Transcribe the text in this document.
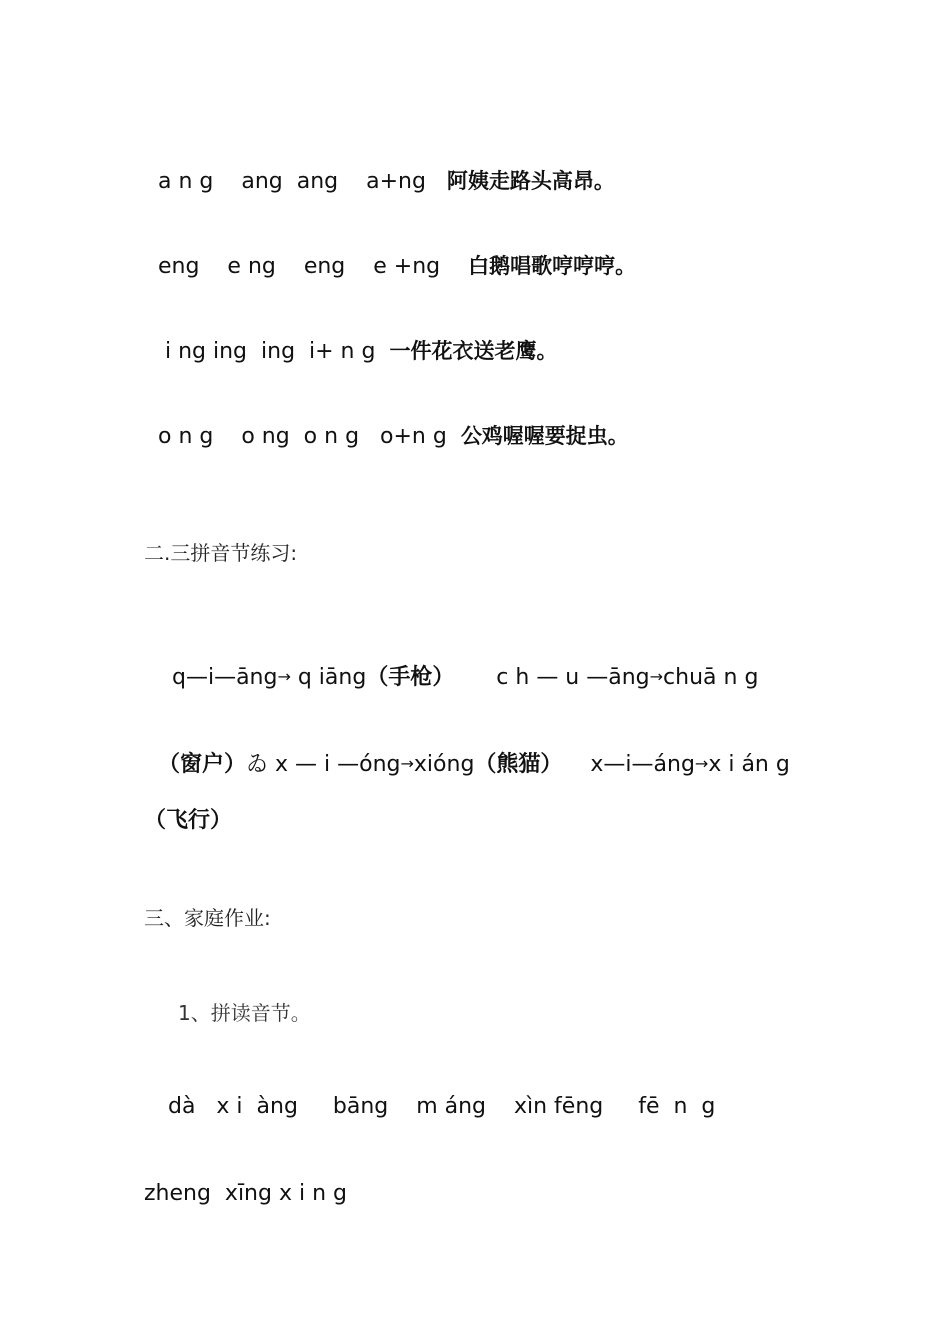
a n g    ang  ang    a+ng 阿姨走路头高昂。

eng    e ng    eng    e +ng 白鹅唱歌哼哼哼。

i ng ing  ing  i+ n g 一件花衣送老鹰。

o n g    o ng  o n g   o+n g 公鸡喔喔要捉虫。

二.三拼音节练习:

q—i—āng→ q iāng（手枪）      c h — u —āng→chuā n g

（窗户）ゐ x — i —óng→xióng（熊猫）    x—i—áng→x i án g

（飞行）
三、家庭作业:
1、拼读音节。
dà   x i  àng     bāng    m áng    xìn fēng     fē  n  g
zheng  xīng x i n g
